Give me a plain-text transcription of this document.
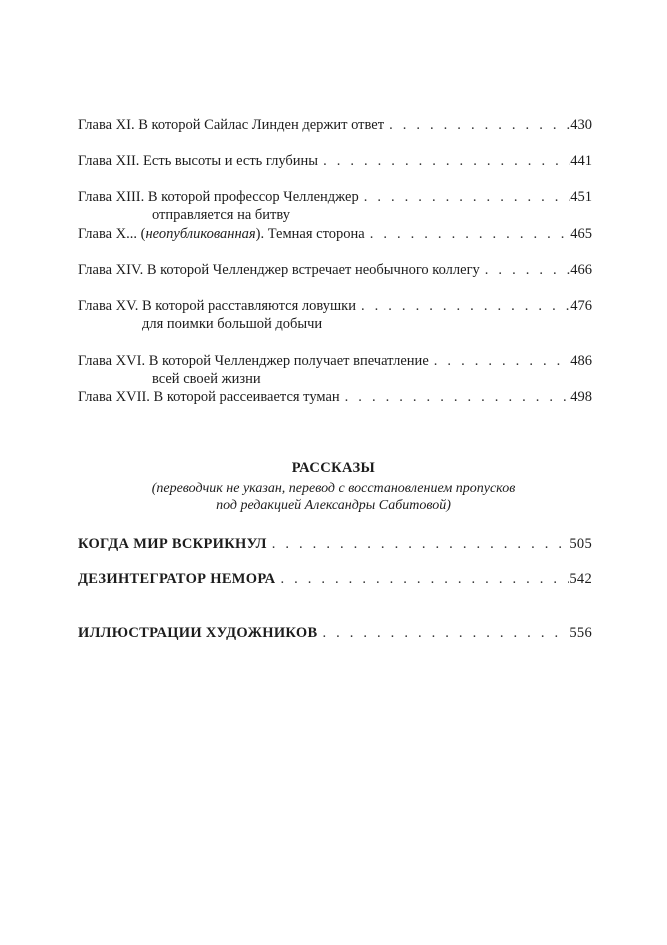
Глава XI. В которой Сайлас Линден держит ответ . . .	430
Глава XII. Есть высоты и есть глубины . . .	441
Глава XIII. В которой профессор Челленджер . . .	451
отправляется на битву
Глава X... (неопубликованная). Темная сторона . . .	465
Глава XIV. В которой Челленджер встречает необычного коллегу . . .	466
Глава XV. В которой расставляются ловушки . . .	476
для поимки большой добычи
Глава XVI. В которой Челленджер получает впечатление . . .	486
всей своей жизни
Глава XVII. В которой рассеивается туман . . .	498
РАССКАЗЫ
(переводчик не указан, перевод с восстановлением пропусков
под редакцией Александры Сабитовой)
КОГДА МИР ВСКРИКНУЛ . . .	505
ДЕЗИНТЕГРАТОР НЕМОРА . . .	542
ИЛЛЮСТРАЦИИ ХУДОЖНИКОВ . . .	556
